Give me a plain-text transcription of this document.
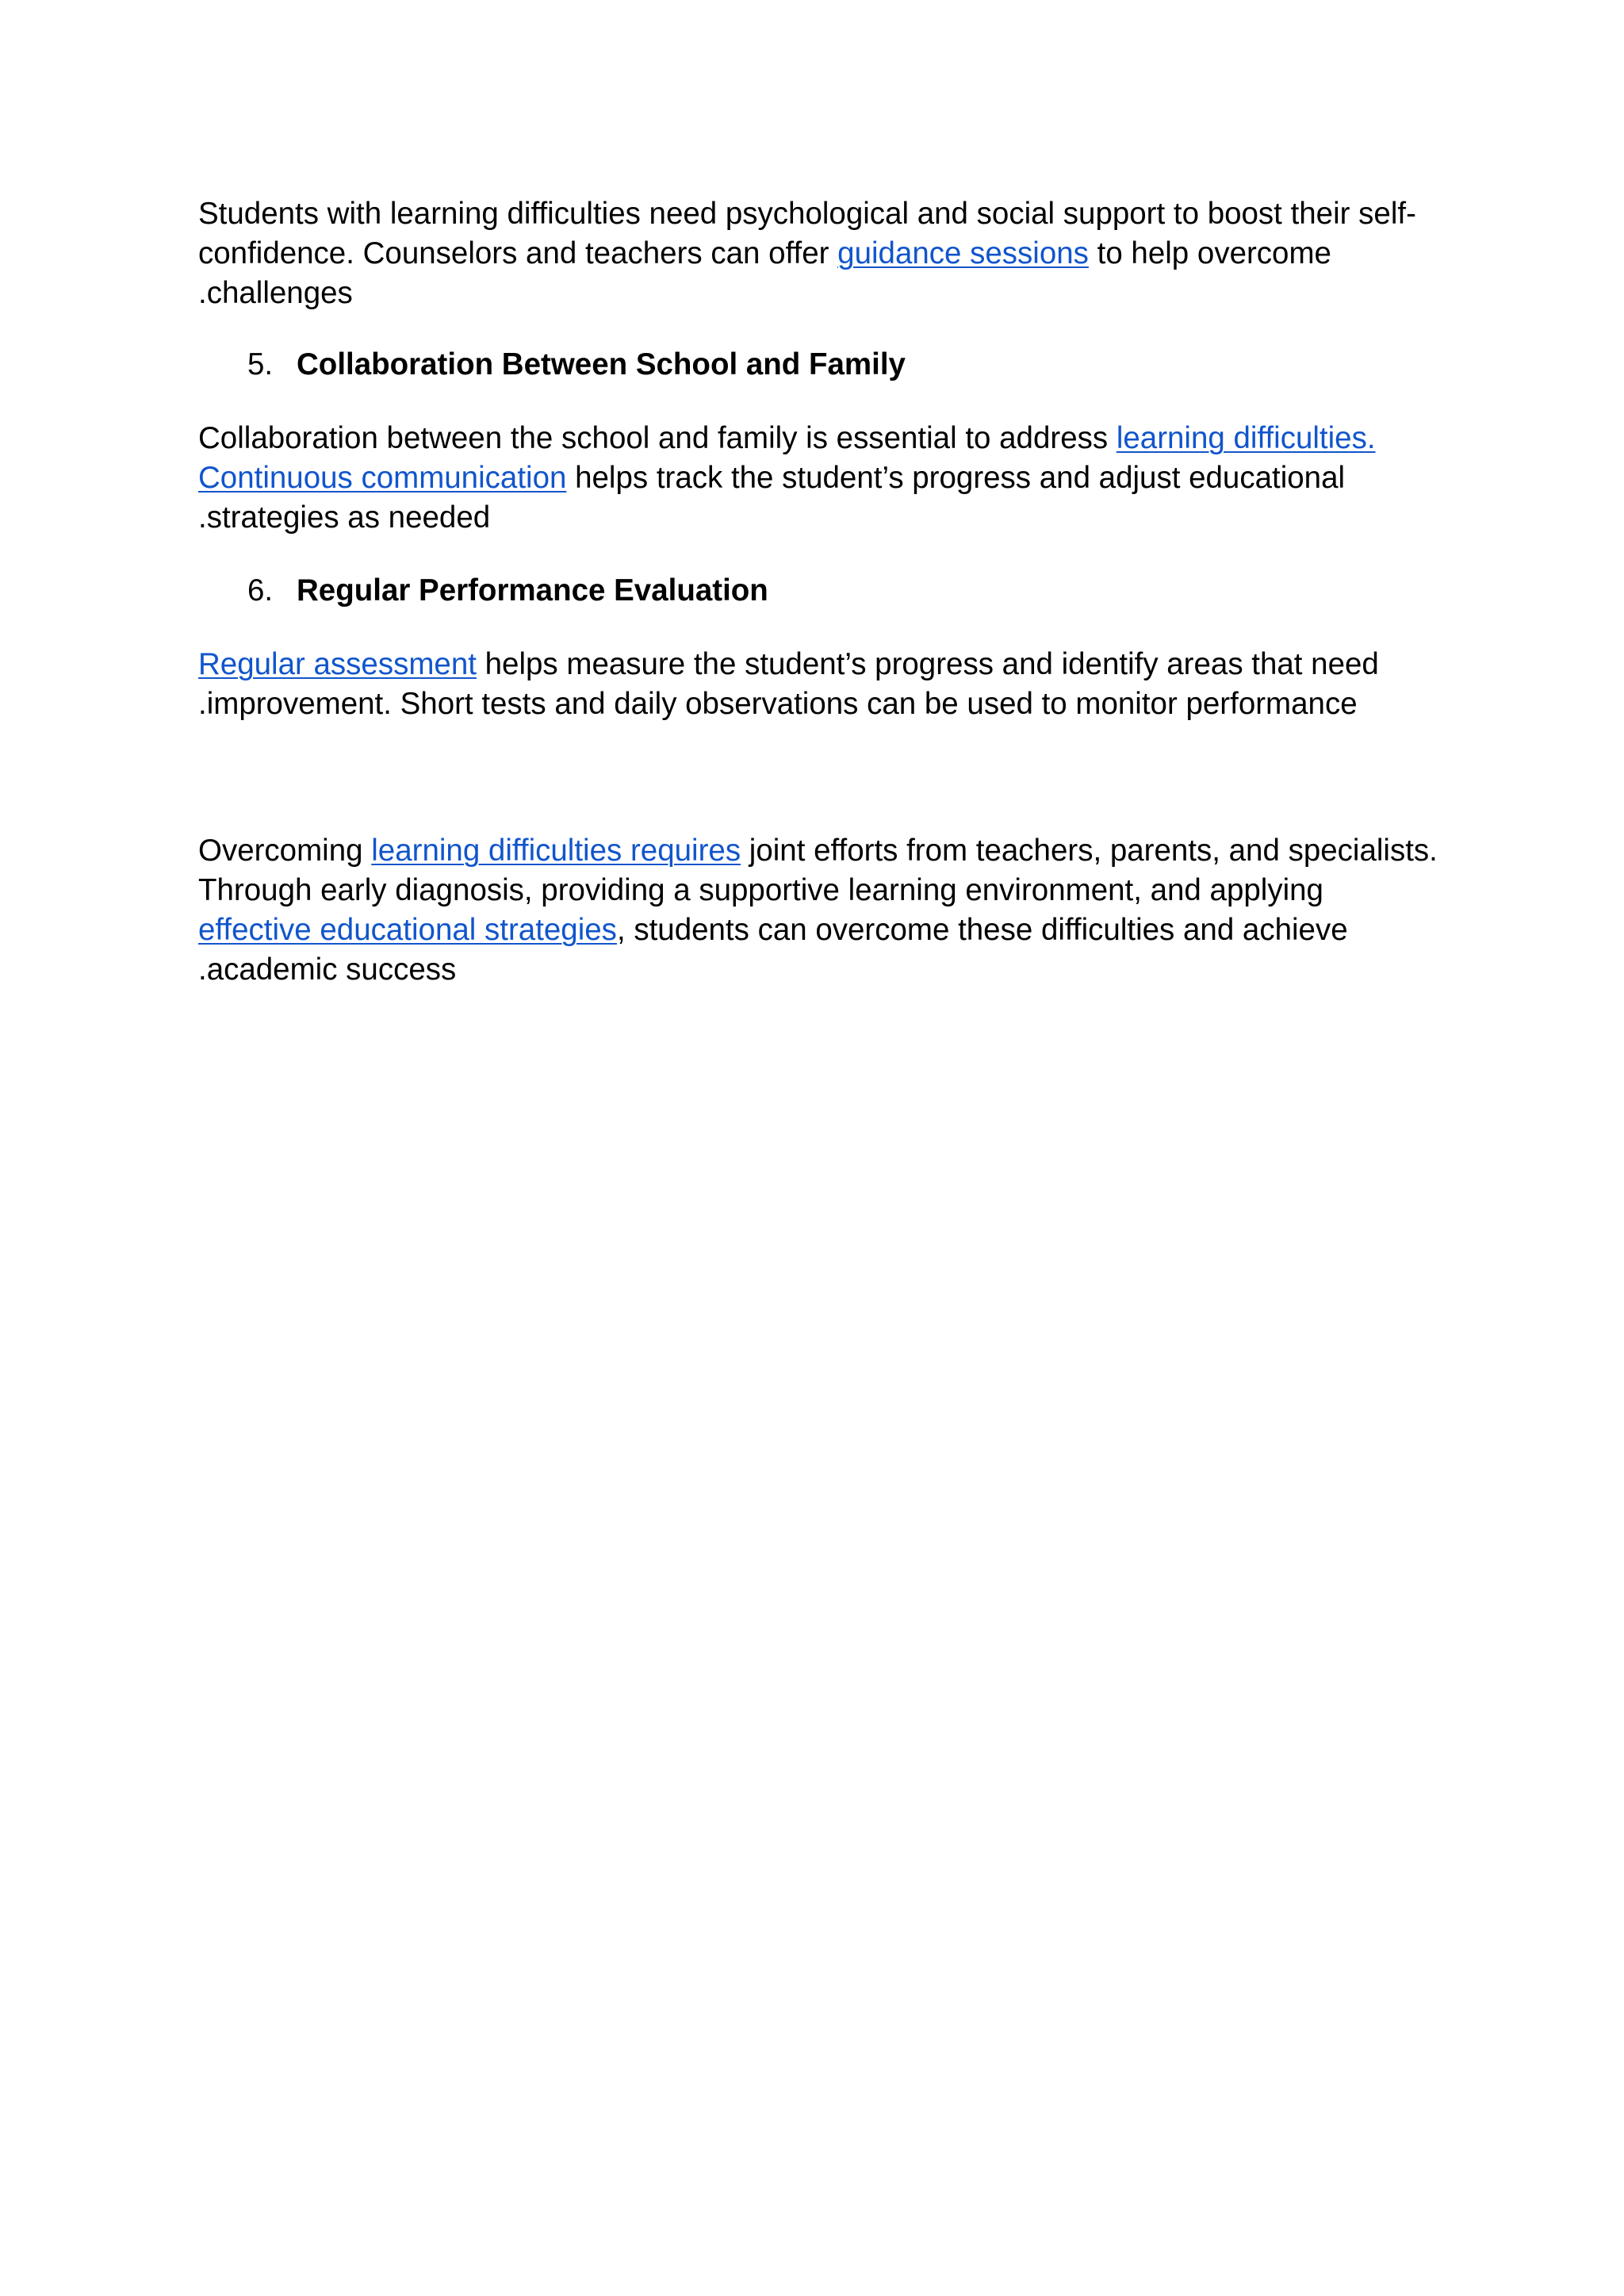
Students with learning difficulties need psychological and social support to boost their self-
confidence. Counselors and teachers can offer guidance sessions to help overcome
.challenges

5. Collaboration Between School and Family

Collaboration between the school and family is essential to address learning difficulties.
Continuous communication helps track the student’s progress and adjust educational
.strategies as needed

6. Regular Performance Evaluation

Regular assessment helps measure the student’s progress and identify areas that need
.improvement. Short tests and daily observations can be used to monitor performance

Overcoming learning difficulties requires joint efforts from teachers, parents, and specialists.
Through early diagnosis, providing a supportive learning environment, and applying
effective educational strategies, students can overcome these difficulties and achieve
.academic success
